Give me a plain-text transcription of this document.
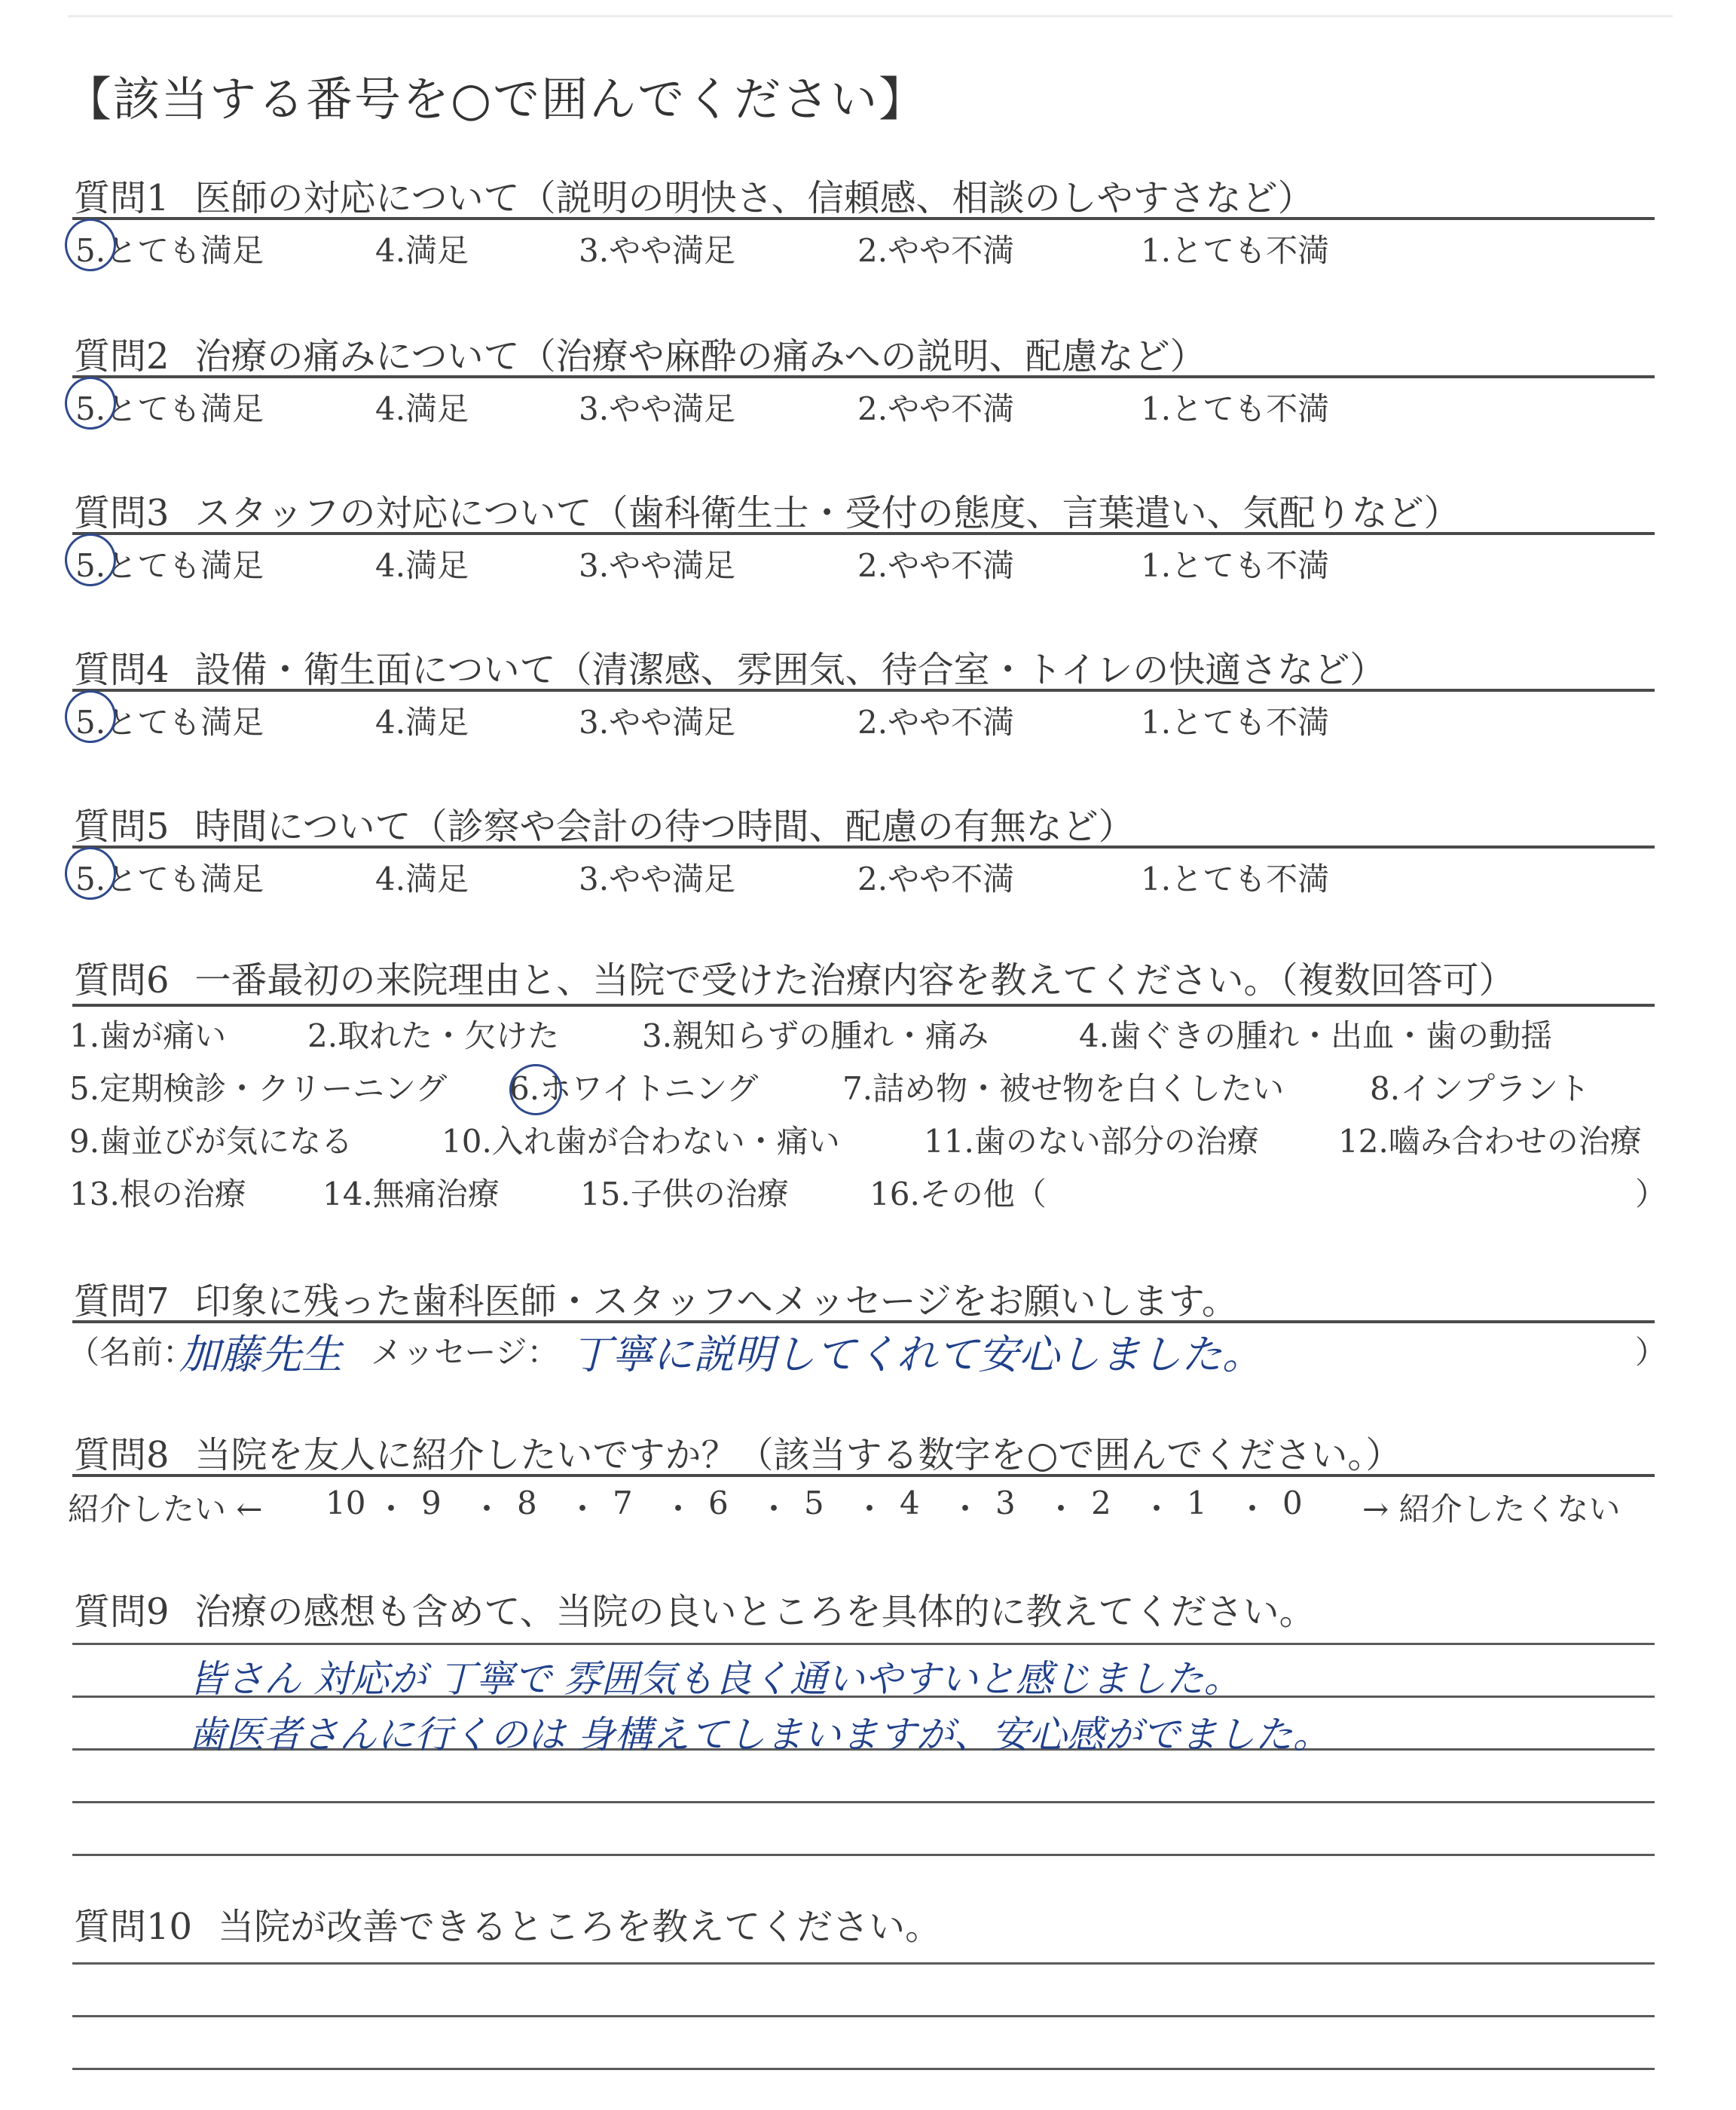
【該当する番号を○で囲んでください】
質問1 医師の対応について（説明の明快さ、信頼感、相談のしやすさなど）
5.とても満足	4.満足	3.やや満足	2.やや不満	1.とても不満
質問2 治療の痛みについて（治療や麻酔の痛みへの説明、配慮など）
5.とても満足	4.満足	3.やや満足	2.やや不満	1.とても不満
質問3 スタッフの対応について（歯科衛生士・受付の態度、言葉遣い、気配りなど）
5.とても満足	4.満足	3.やや満足	2.やや不満	1.とても不満
質問4 設備・衛生面について（清潔感、雰囲気、待合室・トイレの快適さなど）
5.とても満足	4.満足	3.やや満足	2.やや不満	1.とても不満
質問5 時間について（診察や会計の待つ時間、配慮の有無など）
5.とても満足	4.満足	3.やや満足	2.やや不満	1.とても不満
質問6 一番最初の来院理由と、当院で受けた治療内容を教えてください。（複数回答可）
1.歯が痛い	2.取れた・欠けた	3.親知らずの腫れ・痛み	4.歯ぐきの腫れ・出血・歯の動揺
5.定期検診・クリーニング 6.ホワイトニング	7.詰め物・被せ物を白くしたい	8.インプラント
9.歯並びが気になる	10.入れ歯が合わない・痛い	11.歯のない部分の治療	12.嚙み合わせの治療
13.根の治療 14.無痛治療	15.子供の治療	16.その他（	）
質問7 印象に残った歯科医師・スタッフへメッセージをお願いします。
（名前：
加藤先生 メッセージ： 丁寧に説明してくれて安心しました。	）
質問8 当院を友人に紹介したいですか？（該当する数字を○で囲んでください。）
紹介したい ←	→ 紹介したくない
10 ・ 9 ・ 8 ・ 7 ・ 6 ・ 5 ・ 4 ・ 3 ・ 2 ・ 1 ・ 0
質問9 治療の感想も含めて、当院の良いところを具体的に教えてください。
皆さん 対応が 丁寧で 雰囲気も良く通いやすいと感じました。
歯医者さんに行くのは 身構えてしまいますが、安心感がでました。
質問10 当院が改善できるところを教えてください。
